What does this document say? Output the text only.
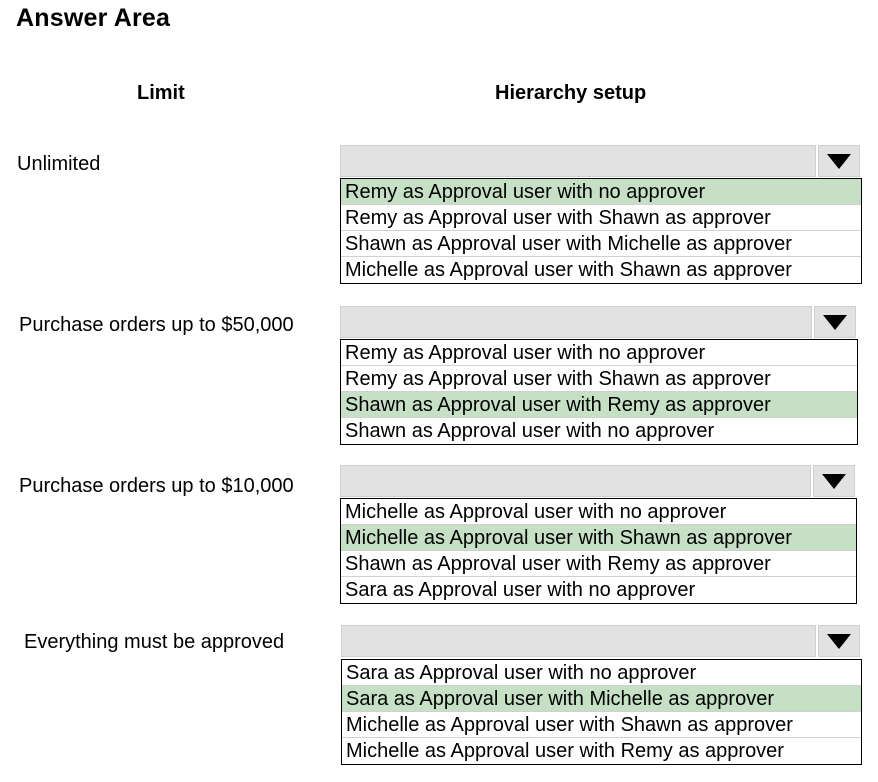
Answer Area
Limit	Hierarchy setup
Unlimited
Remy as Approval user with no approver
Remy as Approval user with Shawn as approver
Shawn as Approval user with Michelle as approver
Michelle as Approval user with Shawn as approver
Purchase orders up to $50,000
Remy as Approval user with no approver
Remy as Approval user with Shawn as approver
Shawn as Approval user with Remy as approver
Shawn as Approval user with no approver
Purchase orders up to $10,000
Michelle as Approval user with no approver
Michelle as Approval user with Shawn as approver
Shawn as Approval user with Remy as approver
Sara as Approval user with no approver
Everything must be approved
Sara as Approval user with no approver
Sara as Approval user with Michelle as approver
Michelle as Approval user with Shawn as approver
Michelle as Approval user with Remy as approver
